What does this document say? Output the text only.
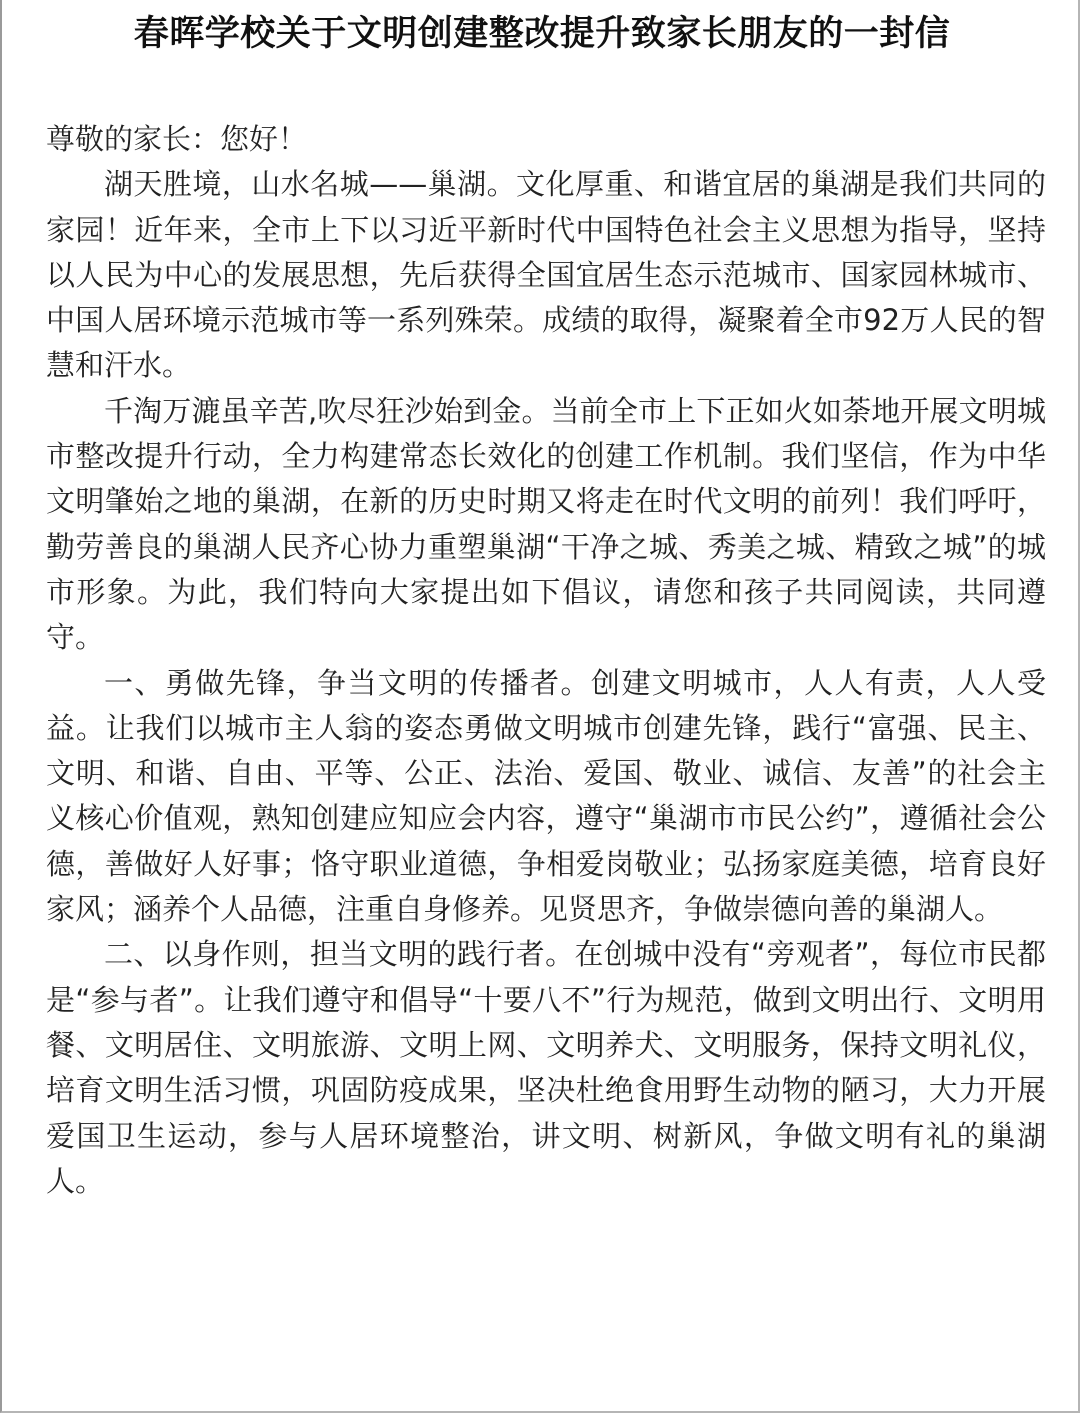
春晖学校关于文明创建整改提升致家长朋友的一封信

尊敬的家长：您好！

湖天胜境，山水名城——巢湖。文化厚重、和谐宜居的巢湖是我们共同的家园！近年来，全市上下以习近平新时代中国特色社会主义思想为指导，坚持以人民为中心的发展思想，先后获得全国宜居生态示范城市、国家园林城市、中国人居环境示范城市等一系列殊荣。成绩的取得，凝聚着全市92万人民的智慧和汗水。

千淘万漉虽辛苦,吹尽狂沙始到金。当前全市上下正如火如荼地开展文明城市整改提升行动，全力构建常态长效化的创建工作机制。我们坚信，作为中华文明肇始之地的巢湖，在新的历史时期又将走在时代文明的前列！我们呼吁，勤劳善良的巢湖人民齐心协力重塑巢湖“干净之城、秀美之城、精致之城”的城市形象。为此，我们特向大家提出如下倡议，请您和孩子共同阅读，共同遵守。

一、勇做先锋，争当文明的传播者。创建文明城市，人人有责，人人受益。让我们以城市主人翁的姿态勇做文明城市创建先锋，践行“富强、民主、文明、和谐、自由、平等、公正、法治、爱国、敬业、诚信、友善”的社会主义核心价值观，熟知创建应知应会内容，遵守“巢湖市市民公约”，遵循社会公德，善做好人好事；恪守职业道德，争相爱岗敬业；弘扬家庭美德，培育良好家风；涵养个人品德，注重自身修养。见贤思齐，争做崇德向善的巢湖人。

二、以身作则，担当文明的践行者。在创城中没有“旁观者”，每位市民都是“参与者”。让我们遵守和倡导“十要八不”行为规范，做到文明出行、文明用餐、文明居住、文明旅游、文明上网、文明养犬、文明服务，保持文明礼仪，培育文明生活习惯，巩固防疫成果，坚决杜绝食用野生动物的陋习，大力开展爱国卫生运动，参与人居环境整治，讲文明、树新风，争做文明有礼的巢湖人。
